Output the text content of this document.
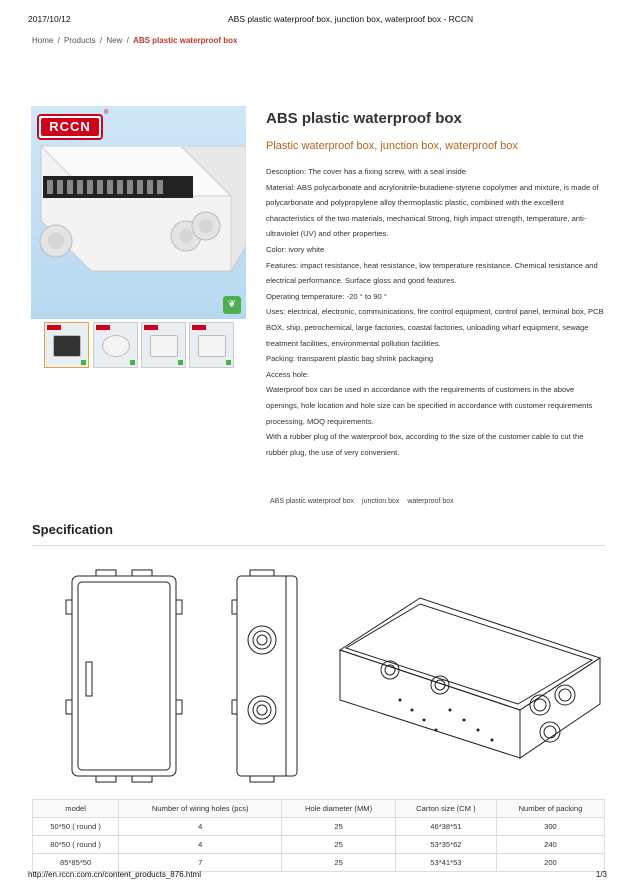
2017/10/12	ABS plastic waterproof box, junction box, waterproof box - RCCN
Home / Products / New / ABS plastic waterproof box
RCCN
®
❦
ABS plastic waterproof box
Plastic waterproof box, junction box, waterproof box

Description: The cover has a fixing screw, with a seal inside

Material: ABS polycarbonate and acrylonitrile-butadiene-styrene copolymer and mixture, is made of polycarbonate and polypropylene alloy thermoplastic plastic, combined with the excellent characteristics of the two materials, mechanical Strong, high impact strength, temperature, anti-ultraviolet (UV) and other properties.

Color: ivory white

Features: impact resistance, heat resistance, low temperature resistance. Chemical resistance and electrical performance. Surface gloss and good features.

Operating temperature: -20 ° to 90 °

Uses: electrical, electronic, communications, fire control equipment, control panel, terminal box, PCB BOX, ship, petrochemical, large factories, coastal factories, unloading wharf equipment, sewage treatment facilities, environmental pollution facilities.

Packing: transparent plastic bag shrink packaging

Access hole:

Waterproof box can be used in accordance with the requirements of customers in the above openings, hole location and hole size can be specified in accordance with customer requirements processing, MOQ requirements.

With a rubber plug of the waterproof box, according to the size of the customer cable to cut the rubber plug, the use of very convenient.

ABS plastic waterproof box junction box waterproof box
Specification
model	Number of wiring holes (pcs)	Hole diameter (MM)	Carton size (CM )	Number of packing
50*50 ( round )	4	25	46*38*51	300
80*50 ( round )	4	25	53*35*62	240
85*85*50	7	25	53*41*53	200
http://en.rccn.com.cn/content_products_876.html	1/3
